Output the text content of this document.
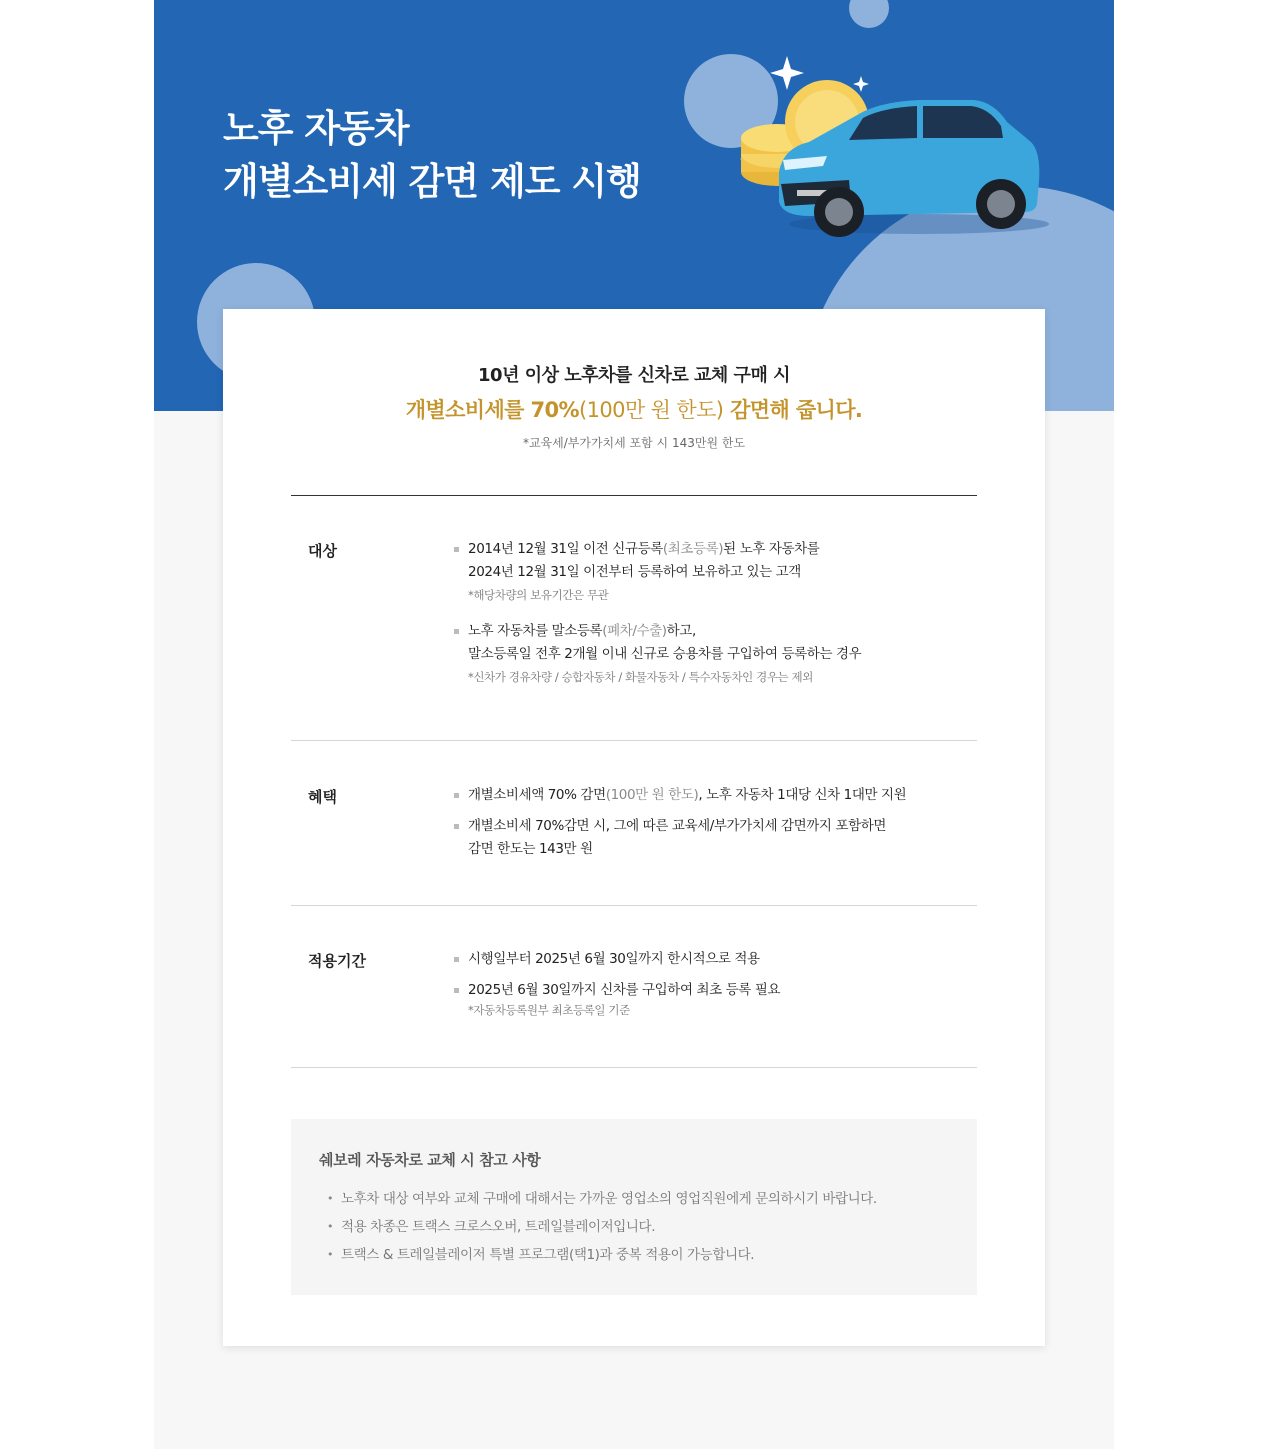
노후 자동차
개별소비세 감면 제도 시행
10년 이상 노후차를 신차로 교체 구매 시
개별소비세를 70%(100만 원 한도) 감면해 줍니다.
*교육세/부가가치세 포함 시 143만원 한도
대상	2014년 12월 31일 이전 신규등록(최초등록)된 노후 자동차를
2024년 12월 31일 이전부터 등록하여 보유하고 있는 고객
*해당차량의 보유기간은 무관
노후 자동차를 말소등록(폐차/수출)하고,
말소등록일 전후 2개월 이내 신규로 승용차를 구입하여 등록하는 경우
*신차가 경유차량 / 승합자동차 / 화물자동차 / 특수자동차인 경우는 제외
혜택	개별소비세액 70% 감면(100만 원 한도), 노후 자동차 1대당 신차 1대만 지원
개별소비세 70%감면 시, 그에 따른 교육세/부가가치세 감면까지 포함하면
감면 한도는 143만 원
적용기간	시행일부터 2025년 6월 30일까지 한시적으로 적용
2025년 6월 30일까지 신차를 구입하여 최초 등록 필요
*자동차등록원부 최초등록일 기준
쉐보레 자동차로 교체 시 참고 사항
• 노후차 대상 여부와 교체 구매에 대해서는 가까운 영업소의 영업직원에게 문의하시기 바랍니다.
• 적용 차종은 트랙스 크로스오버, 트레일블레이저입니다.
• 트랙스 & 트레일블레이저 특별 프로그램(택1)과 중복 적용이 가능합니다.
